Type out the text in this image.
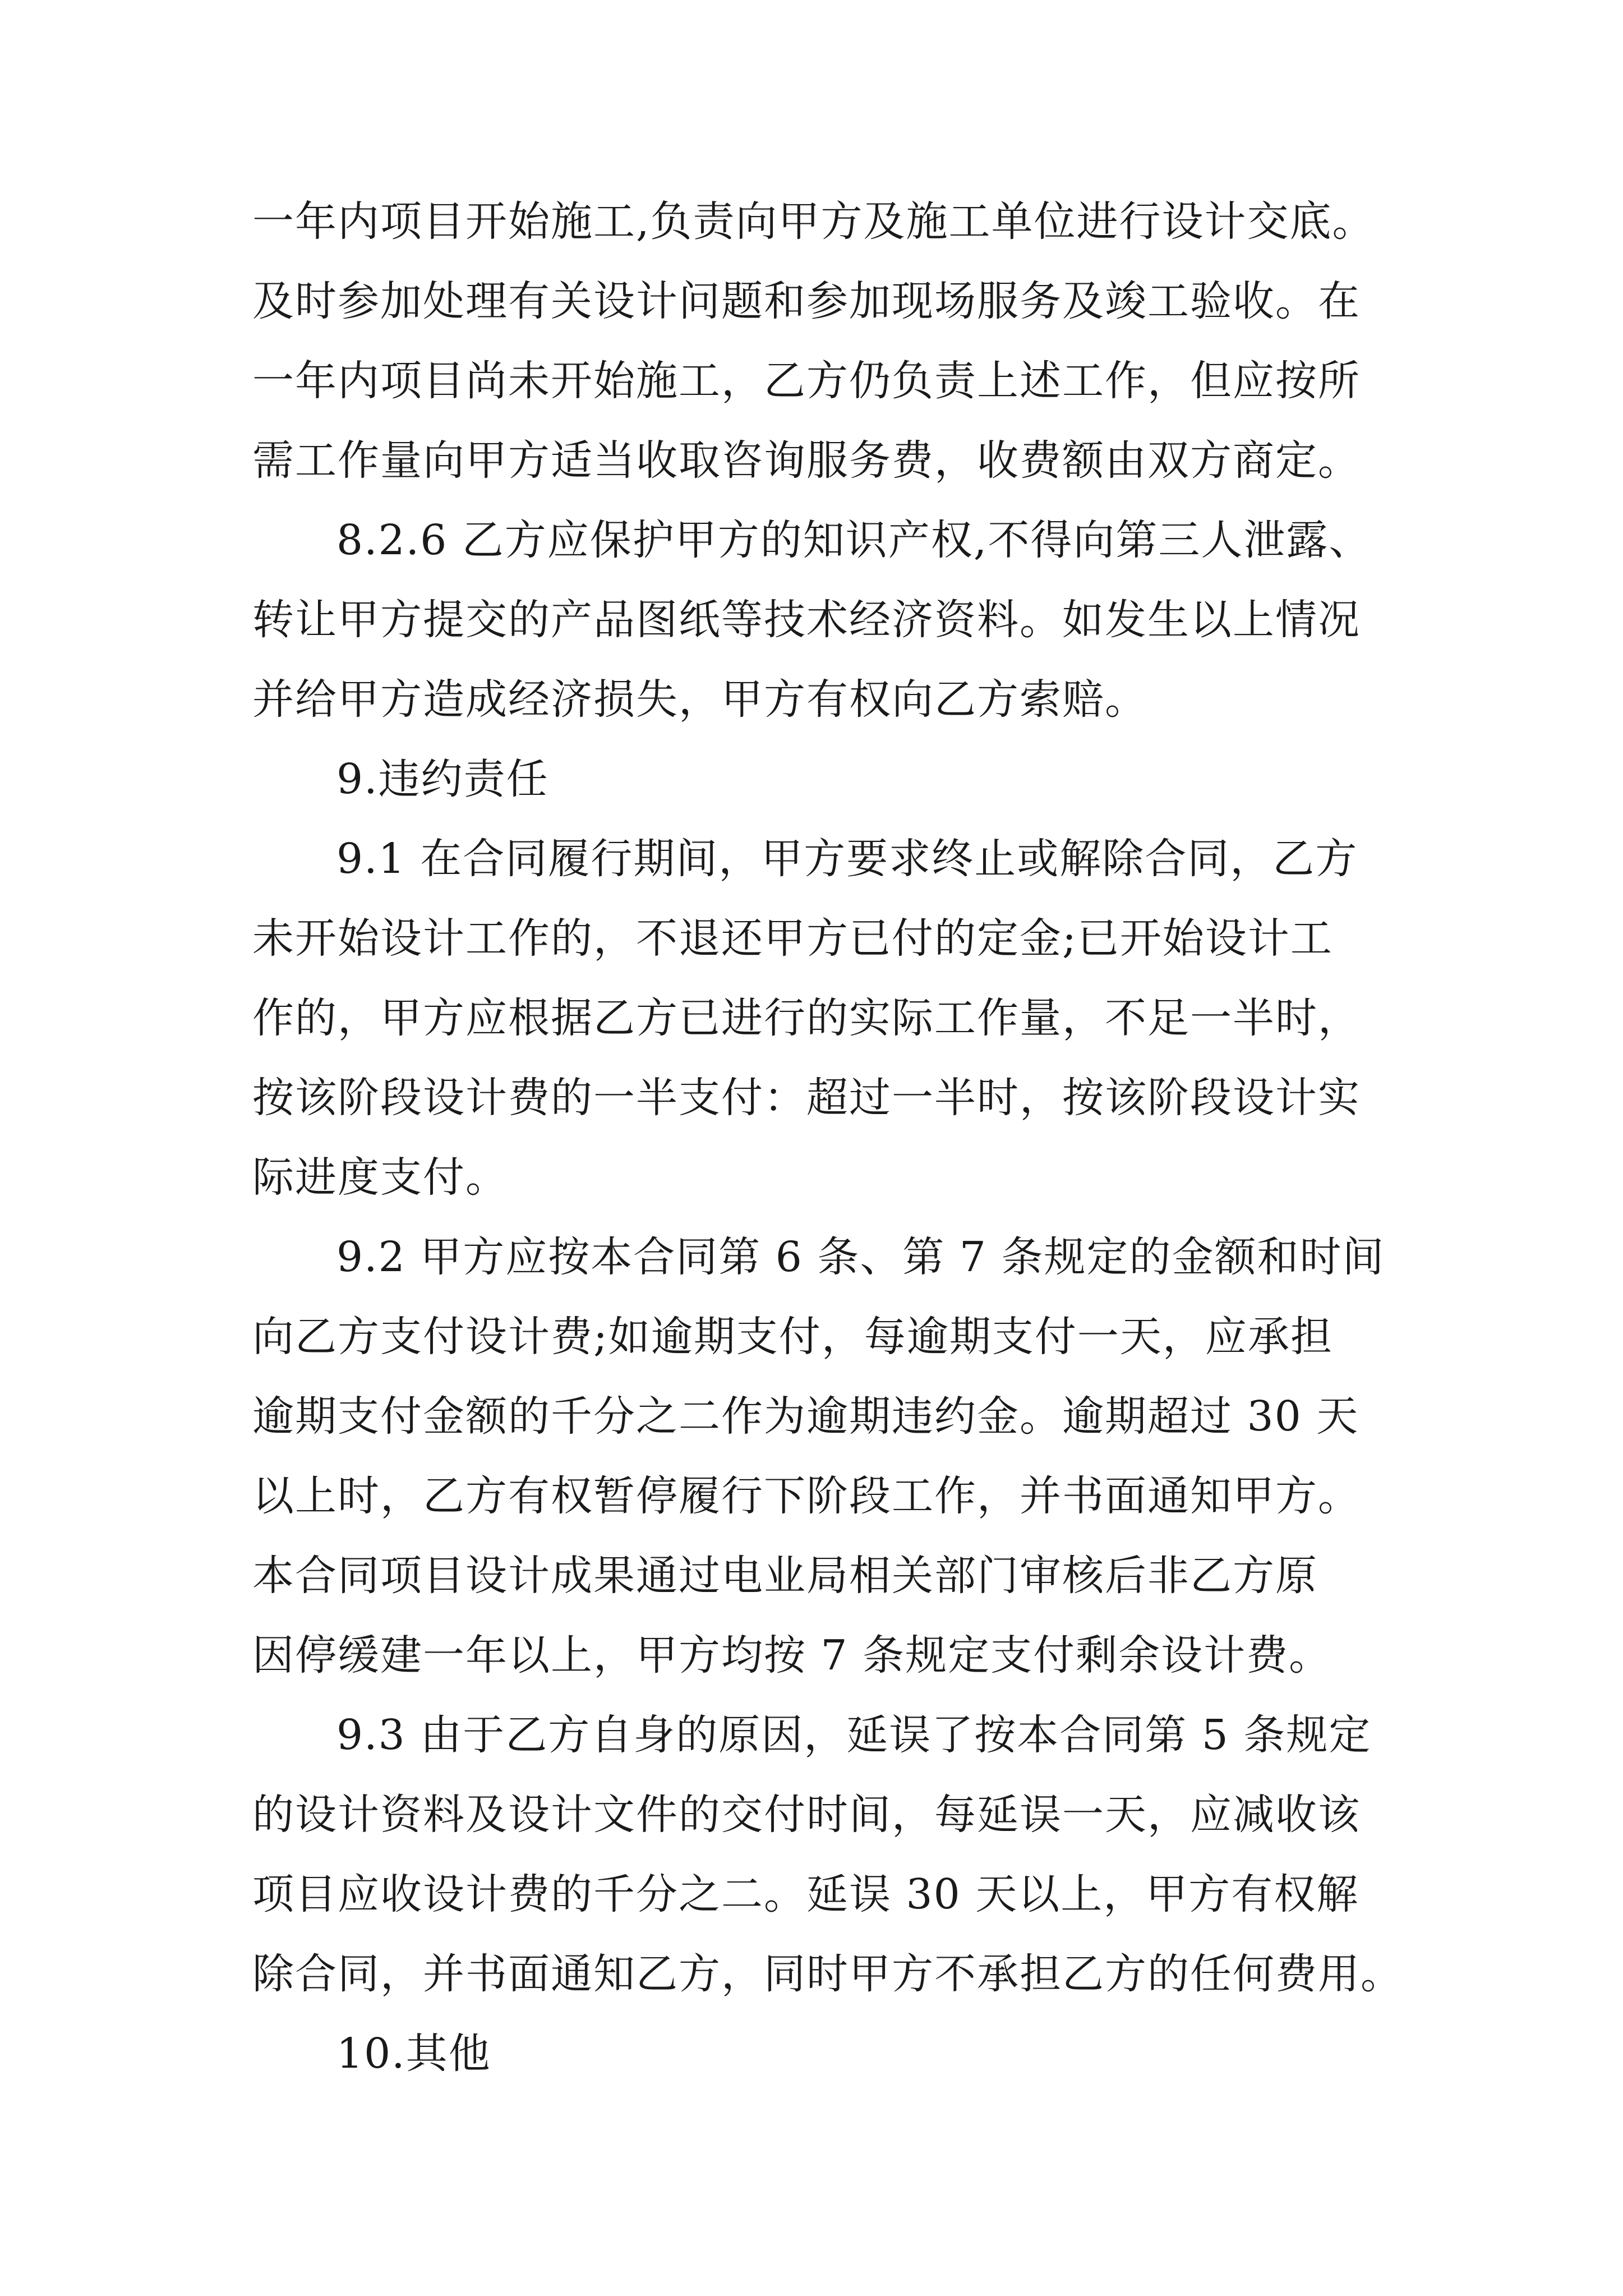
一年内项目开始施工,负责向甲方及施工单位进行设计交底。
及时参加处理有关设计问题和参加现场服务及竣工验收。在
一年内项目尚未开始施工，乙方仍负责上述工作，但应按所
需工作量向甲方适当收取咨询服务费，收费额由双方商定。
8.2.6 乙方应保护甲方的知识产权,不得向第三人泄露、
转让甲方提交的产品图纸等技术经济资料。如发生以上情况
并给甲方造成经济损失，甲方有权向乙方索赔。
9.违约责任
9.1 在合同履行期间，甲方要求终止或解除合同，乙方
未开始设计工作的，不退还甲方已付的定金;已开始设计工
作的，甲方应根据乙方已进行的实际工作量，不足一半时，
按该阶段设计费的一半支付：超过一半时，按该阶段设计实
际进度支付。
9.2 甲方应按本合同第 6 条、第 7 条规定的金额和时间
向乙方支付设计费;如逾期支付，每逾期支付一天，应承担
逾期支付金额的千分之二作为逾期违约金。逾期超过 30 天
以上时，乙方有权暂停履行下阶段工作，并书面通知甲方。
本合同项目设计成果通过电业局相关部门审核后非乙方原
因停缓建一年以上，甲方均按 7 条规定支付剩余设计费。
9.3 由于乙方自身的原因，延误了按本合同第 5 条规定
的设计资料及设计文件的交付时间，每延误一天，应减收该
项目应收设计费的千分之二。延误 30 天以上，甲方有权解
除合同，并书面通知乙方，同时甲方不承担乙方的任何费用。
10.其他
